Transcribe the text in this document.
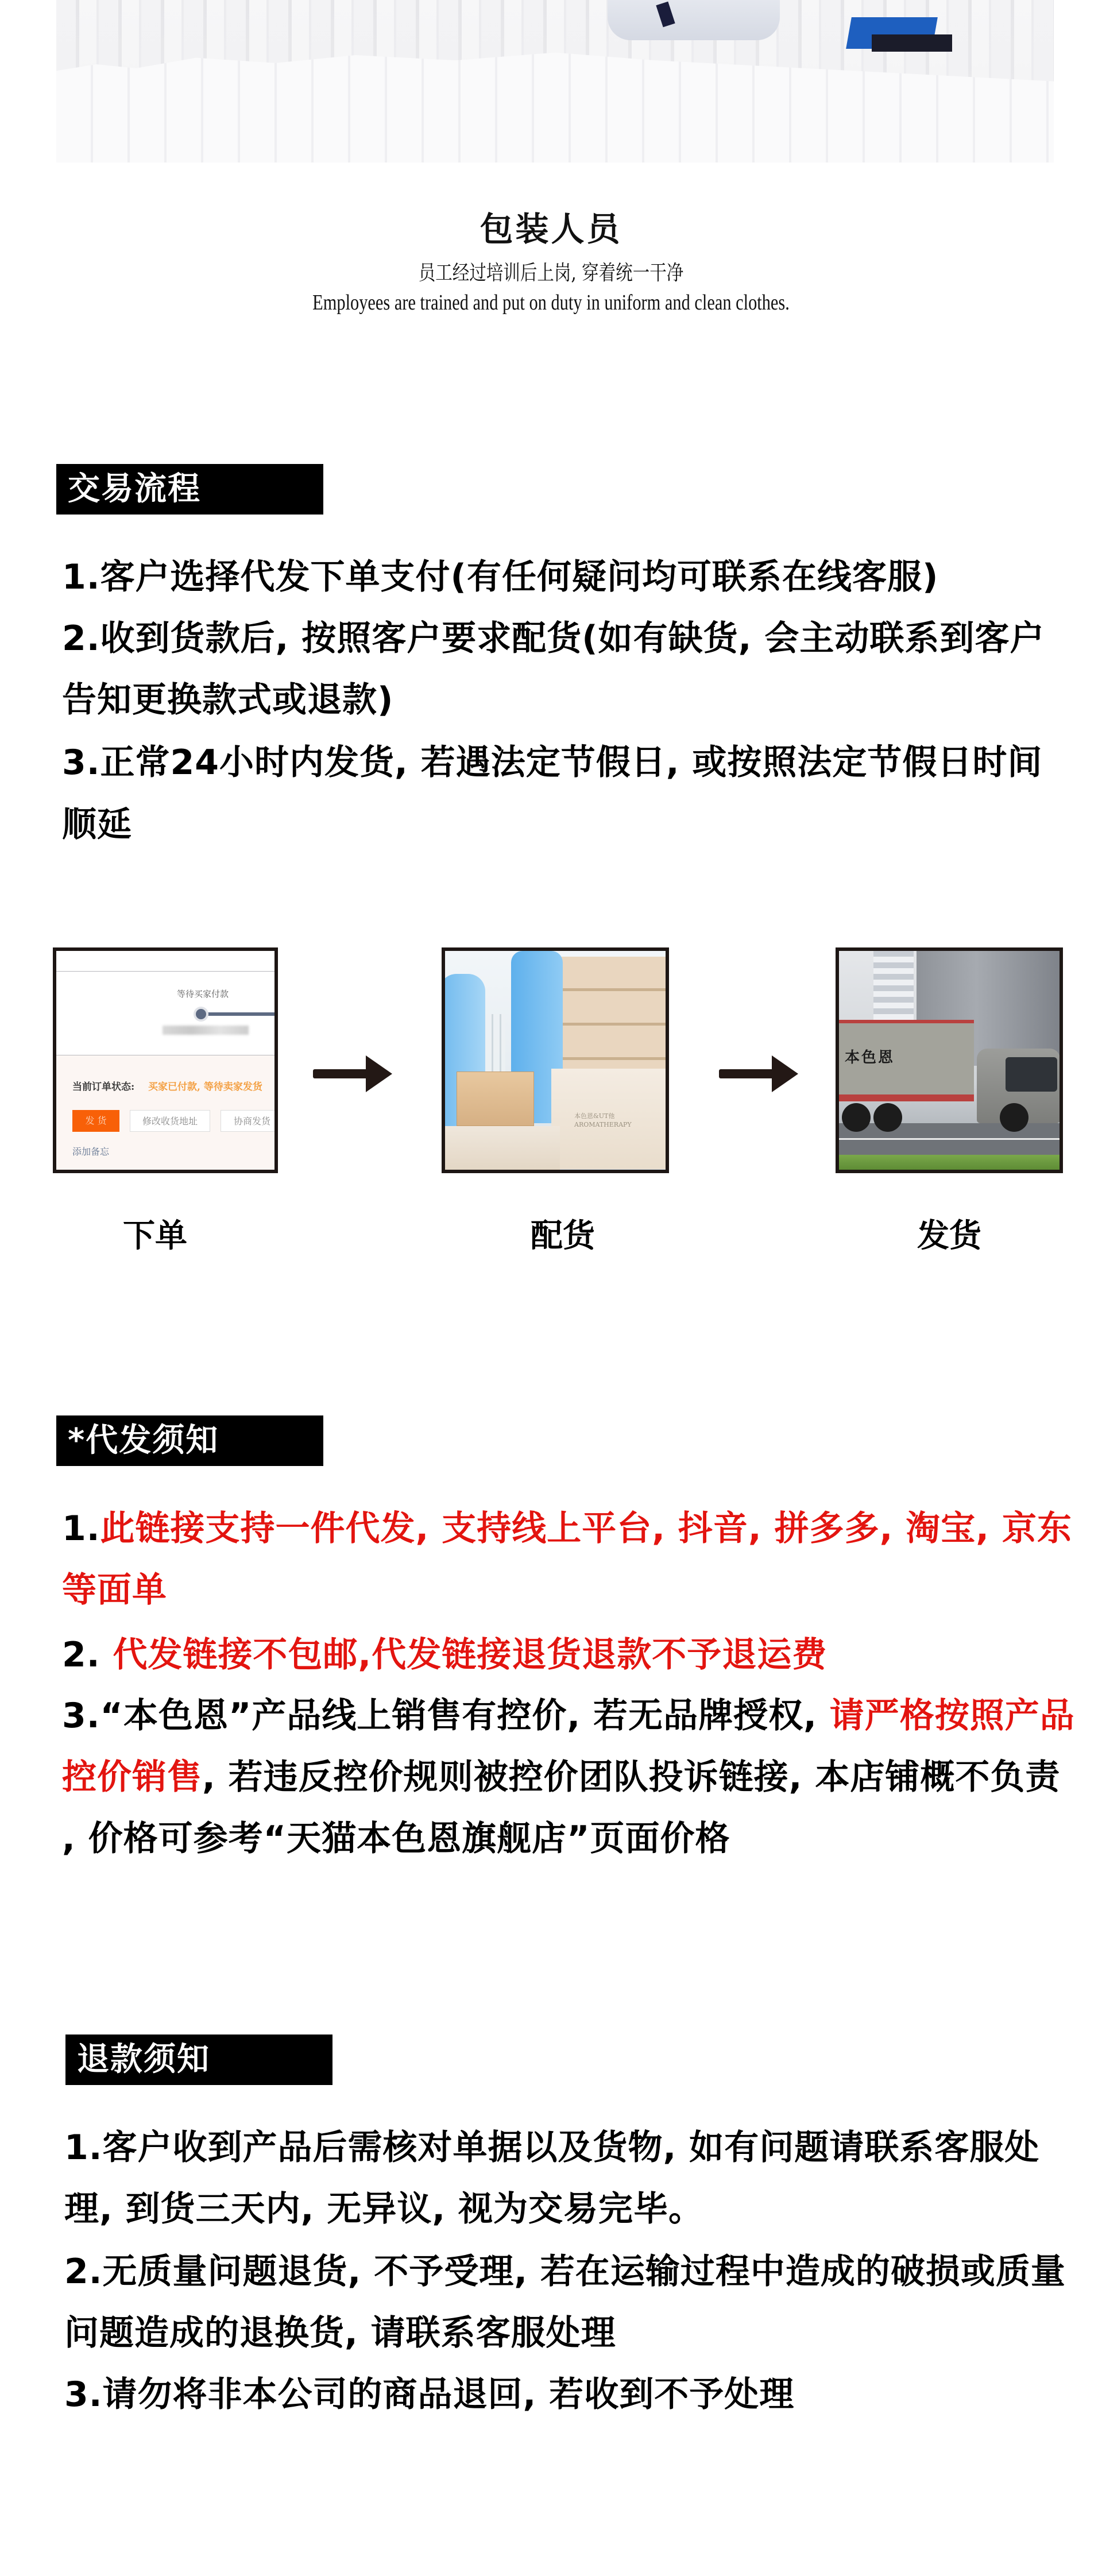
包装人员
员工经过培训后上岗, 穿着统一干净
Employees are trained and put on duty in uniform and clean clothes.
交易流程
1.客户选择代发下单支付(有任何疑问均可联系在线客服)
2.收到货款后, 按照客户要求配货(如有缺货, 会主动联系到客户
告知更换款式或退款)
3.正常24小时内发货, 若遇法定节假日, 或按照法定节假日时间
顺延
等待买家付款
当前订单状态: 买家已付款, 等待卖家发货
发 货	修改收货地址	协商发货
添加备忘
本色恩&UT他
AROMATHERAPY
本色恩
下单	配货	发货
*代发须知
1.此链接支持一件代发, 支持线上平台, 抖音, 拼多多, 淘宝, 京东
等面单
2. 代发链接不包邮,代发链接退货退款不予退运费
3.“本色恩”产品线上销售有控价, 若无品牌授权, 请严格按照产品
控价销售, 若违反控价规则被控价团队投诉链接, 本店铺概不负责
, 价格可参考“天猫本色恩旗舰店”页面价格
退款须知
1.客户收到产品后需核对单据以及货物, 如有问题请联系客服处
理, 到货三天内, 无异议, 视为交易完毕。
2.无质量问题退货, 不予受理, 若在运输过程中造成的破损或质量
问题造成的退换货, 请联系客服处理
3.请勿将非本公司的商品退回, 若收到不予处理
